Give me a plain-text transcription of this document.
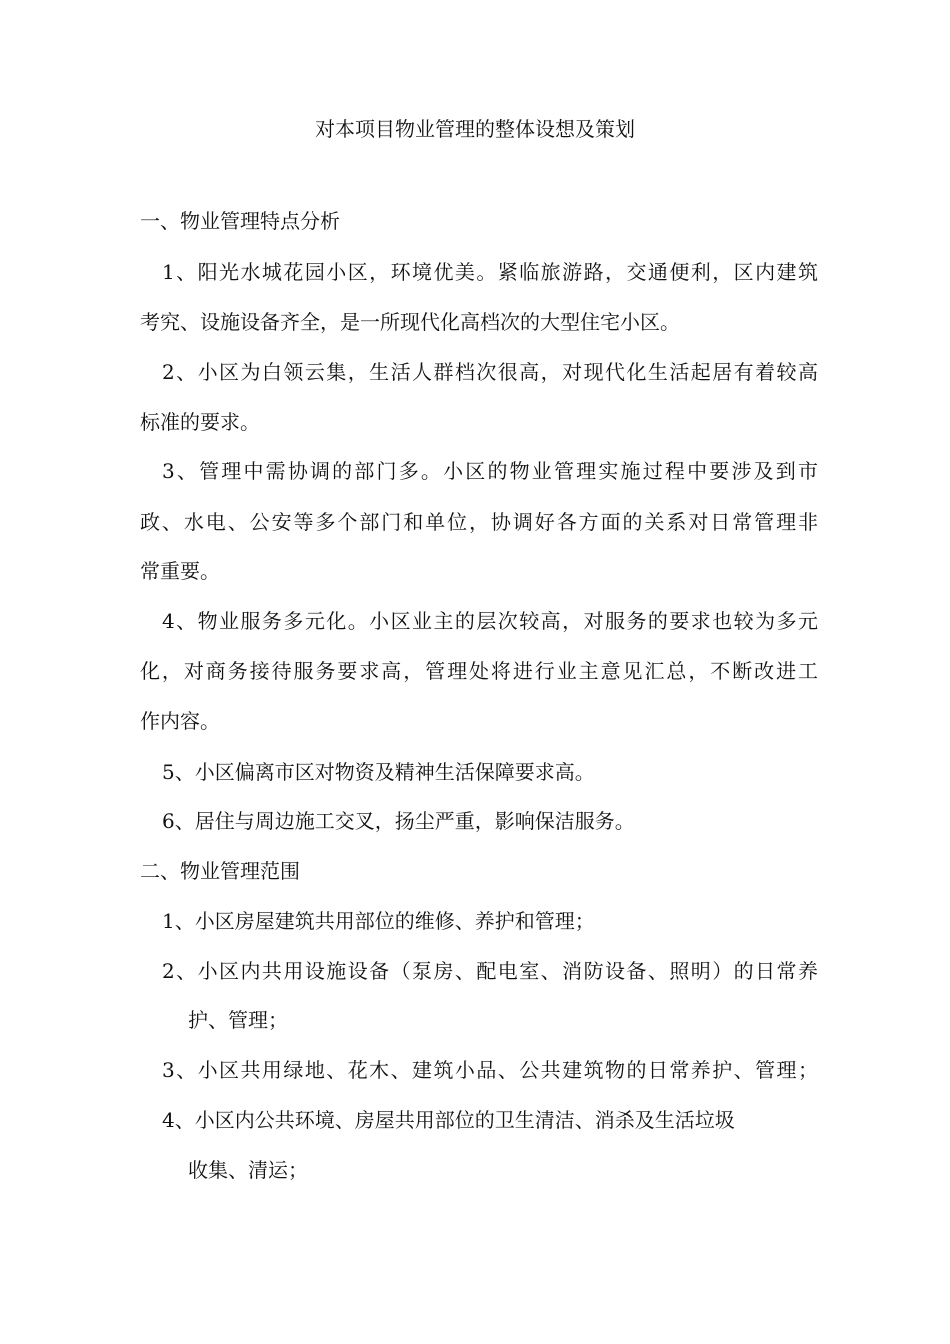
对本项目物业管理的整体设想及策划
一、物业管理特点分析
1、阳光水城花园小区，环境优美。紧临旅游路，交通便利，区内建筑
考究、设施设备齐全，是一所现代化高档次的大型住宅小区。
2、小区为白领云集，生活人群档次很高，对现代化生活起居有着较高
标准的要求。
3、管理中需协调的部门多。小区的物业管理实施过程中要涉及到市
政、水电、公安等多个部门和单位，协调好各方面的关系对日常管理非
常重要。
4、物业服务多元化。小区业主的层次较高，对服务的要求也较为多元
化，对商务接待服务要求高，管理处将进行业主意见汇总，不断改进工
作内容。
5、小区偏离市区对物资及精神生活保障要求高。
6、居住与周边施工交叉，扬尘严重，影响保洁服务。
二、物业管理范围
1、小区房屋建筑共用部位的维修、养护和管理；
2、小区内共用设施设备（泵房、配电室、消防设备、照明）的日常养
护、管理；
3、小区共用绿地、花木、建筑小品、公共建筑物的日常养护、管理；
4、小区内公共环境、房屋共用部位的卫生清洁、消杀及生活垃圾
收集、清运；
